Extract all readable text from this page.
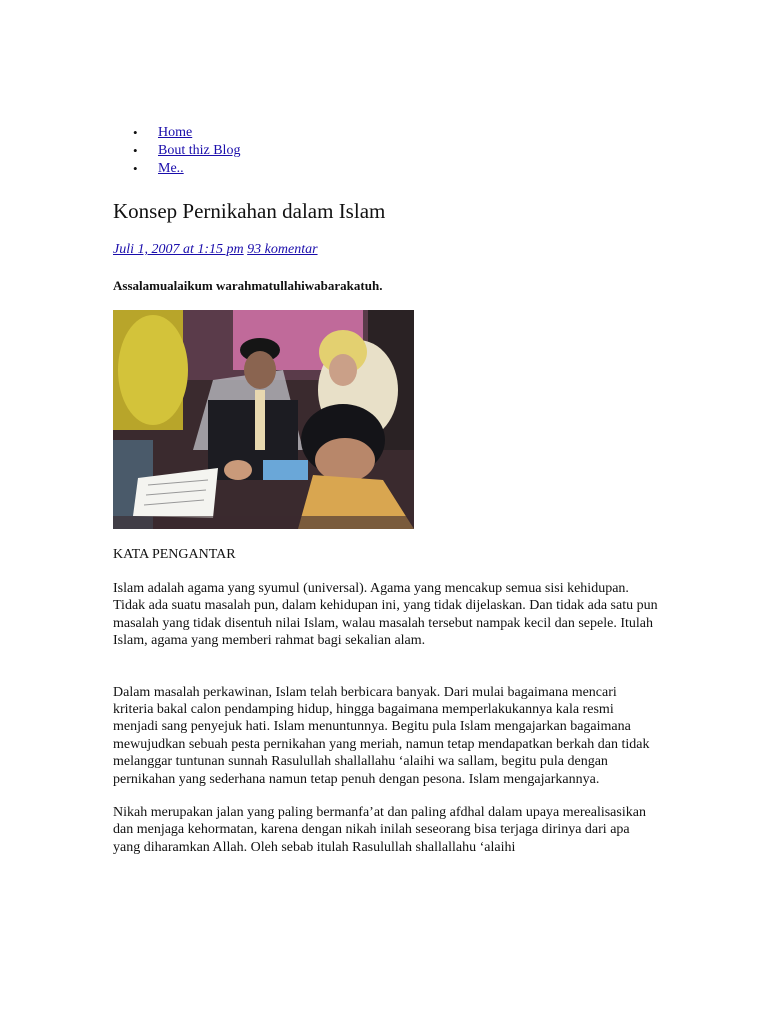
• Home
• Bout thiz Blog
• Me..
Konsep Pernikahan dalam Islam
Juli 1, 2007 at 1:15 pm 93 komentar
Assalamualaikum warahmatullahiwabarakatuh.
KATA PENGANTAR

Islam adalah agama yang syumul (universal). Agama yang mencakup semua sisi kehidupan. Tidak ada suatu masalah pun, dalam kehidupan ini, yang tidak dijelaskan. Dan tidak ada satu pun masalah yang tidak disentuh nilai Islam, walau masalah tersebut nampak kecil dan sepele. Itulah Islam, agama yang memberi rahmat bagi sekalian alam.

Dalam masalah perkawinan, Islam telah berbicara banyak. Dari mulai bagaimana mencari kriteria bakal calon pendamping hidup, hingga bagaimana memperlakukannya kala resmi menjadi sang penyejuk hati. Islam menuntunnya. Begitu pula Islam mengajarkan bagaimana mewujudkan sebuah pesta pernikahan yang meriah, namun tetap mendapatkan berkah dan tidak melanggar tuntunan sunnah Rasulullah shallallahu ‘alaihi wa sallam, begitu pula dengan pernikahan yang sederhana namun tetap penuh dengan pesona. Islam mengajarkannya.

Nikah merupakan jalan yang paling bermanfa’at dan paling afdhal dalam upaya merealisasikan dan menjaga kehormatan, karena dengan nikah inilah seseorang bisa terjaga dirinya dari apa yang diharamkan Allah. Oleh sebab itulah Rasulullah shallallahu ‘alaihi
